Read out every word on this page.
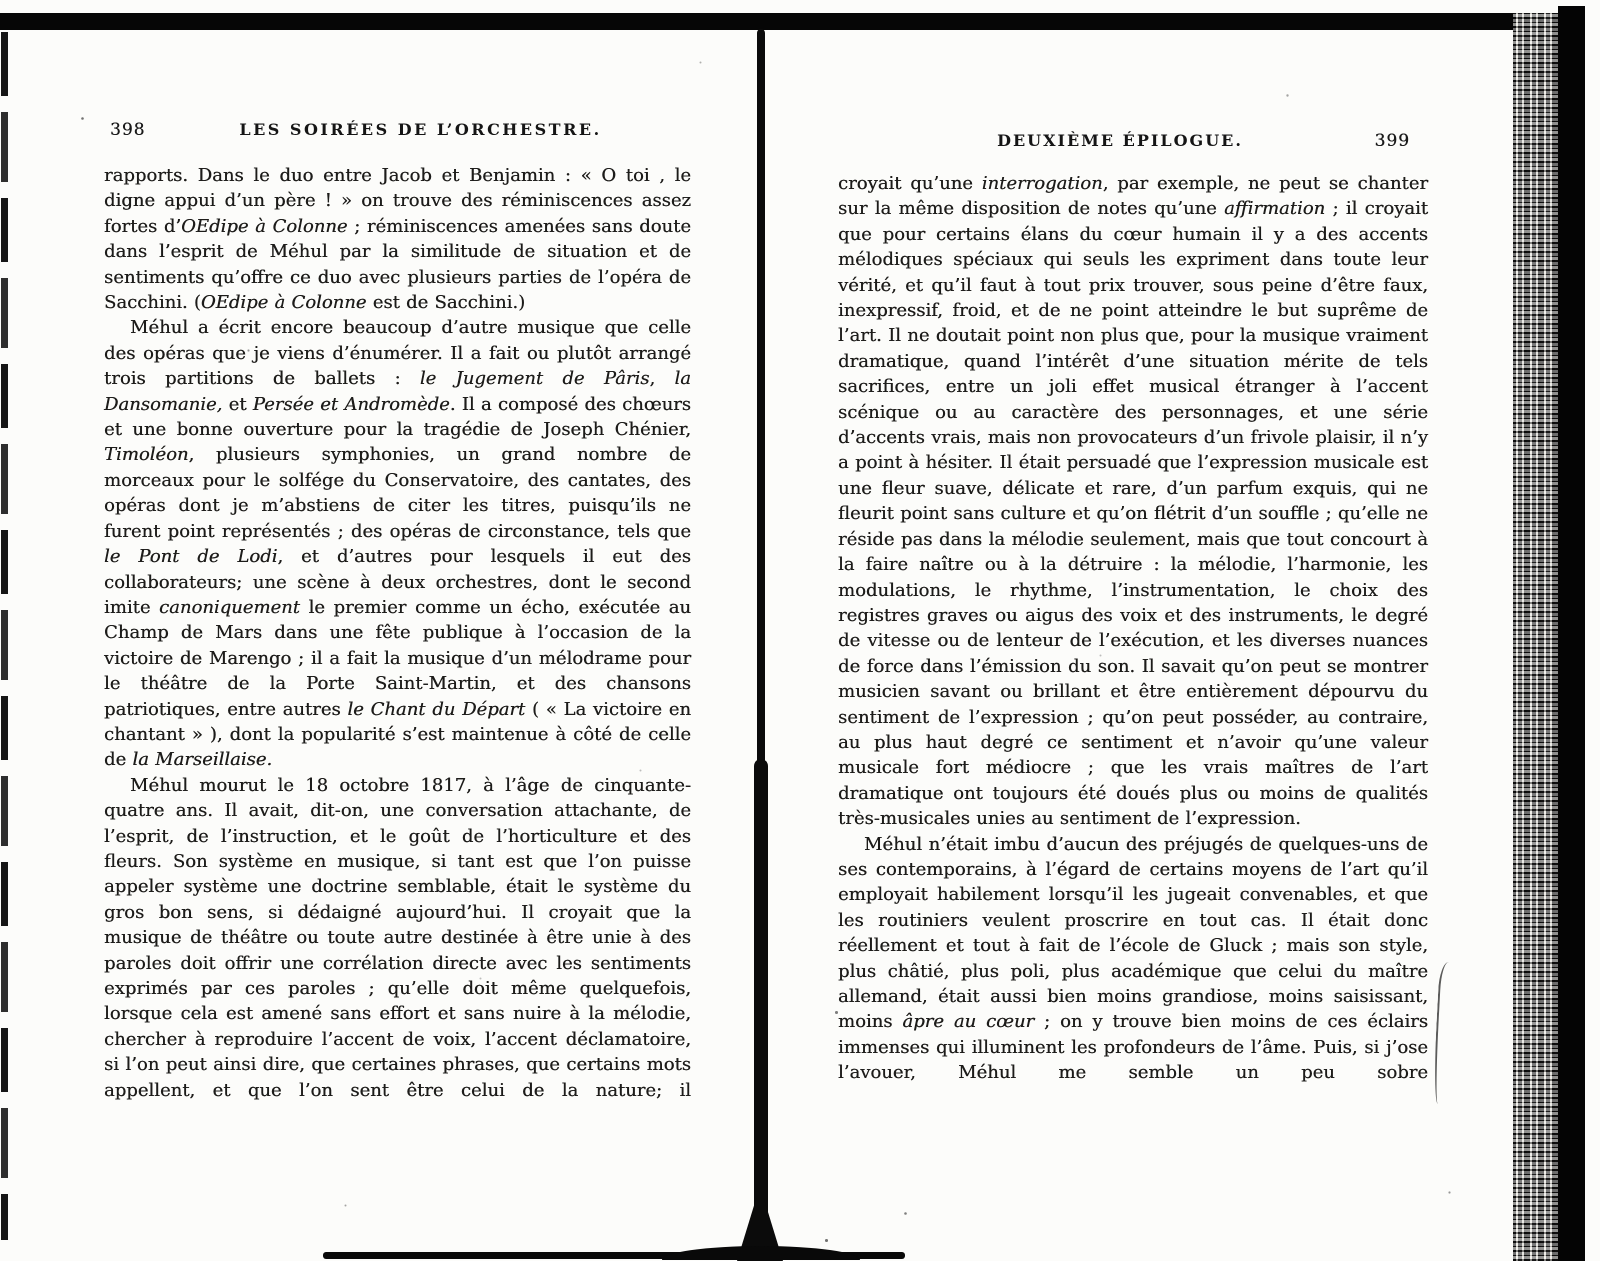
398	LES SOIRÉES DE L’ORCHESTRE.

rapports. Dans le duo entre Jacob et Benjamin : « O toi , le digne appui d’un père ! » on trouve des réminiscences assez fortes d’OEdipe à Colonne ; réminiscences amenées sans doute dans l’esprit de Méhul par la similitude de situation et de sentiments qu’offre ce duo avec plusieurs parties de l’opéra de Sacchini. (OEdipe à Colonne est de Sacchini.)

Méhul a écrit encore beaucoup d’autre musique que celle des opéras que je viens d’énumérer. Il a fait ou plutôt arrangé trois partitions de ballets : le Jugement de Pâris, la Dansomanie, et Persée et Andromède. Il a composé des chœurs et une bonne ouverture pour la tragédie de Joseph Chénier, Timoléon, plusieurs symphonies, un grand nombre de morceaux pour le solfége du Conservatoire, des cantates, des opéras dont je m’abstiens de citer les titres, puisqu’ils ne furent point représentés ; des opéras de circonstance, tels que le Pont de Lodi, et d’autres pour lesquels il eut des collaborateurs; une scène à deux orchestres, dont le second imite canoniquement le premier comme un écho, exécutée au Champ de Mars dans une fête publique à l’occasion de la victoire de Marengo ; il a fait la musique d’un mélodrame pour le théâtre de la Porte Saint-Martin, et des chansons patriotiques, entre autres le Chant du Départ ( « La victoire en chantant » ), dont la popularité s’est maintenue à côté de celle de la Marseillaise.

Méhul mourut le 18 octobre 1817, à l’âge de cinquante-quatre ans. Il avait, dit-on, une conversation attachante, de l’esprit, de l’instruction, et le goût de l’horticulture et des fleurs. Son système en musique, si tant est que l’on puisse appeler système une doctrine semblable, était le système du gros bon sens, si dédaigné aujourd’hui. Il croyait que la musique de théâtre ou toute autre destinée à être unie à des paroles doit offrir une corrélation directe avec les sentiments exprimés par ces paroles ; qu’elle doit même quelquefois, lorsque cela est amené sans effort et sans nuire à la mélodie, chercher à reproduire l’accent de voix, l’accent déclamatoire, si l’on peut ainsi dire, que certaines phrases, que certains mots appellent, et que l’on sent être celui de la nature; il

DEUXIÈME ÉPILOGUE.	399

croyait qu’une interrogation, par exemple, ne peut se chanter sur la même disposition de notes qu’une affirmation ; il croyait que pour certains élans du cœur humain il y a des accents mélodiques spéciaux qui seuls les expriment dans toute leur vérité, et qu’il faut à tout prix trouver, sous peine d’être faux, inexpressif, froid, et de ne point atteindre le but suprême de l’art. Il ne doutait point non plus que, pour la musique vraiment dramatique, quand l’intérêt d’une situation mérite de tels sacrifices, entre un joli effet musical étranger à l’accent scénique ou au caractère des personnages, et une série d’accents vrais, mais non provocateurs d’un frivole plaisir, il n’y a point à hésiter. Il était persuadé que l’expression musicale est une fleur suave, délicate et rare, d’un parfum exquis, qui ne fleurit point sans culture et qu’on flétrit d’un souffle ; qu’elle ne réside pas dans la mélodie seulement, mais que tout concourt à la faire naître ou à la détruire : la mélodie, l’harmonie, les modulations, le rhythme, l’instrumentation, le choix des registres graves ou aigus des voix et des instruments, le degré de vitesse ou de lenteur de l’exécution, et les diverses nuances de force dans l’émission du son. Il savait qu’on peut se montrer musicien savant ou brillant et être entièrement dépourvu du sentiment de l’expression ; qu’on peut posséder, au contraire, au plus haut degré ce sentiment et n’avoir qu’une valeur musicale fort médiocre ; que les vrais maîtres de l’art dramatique ont toujours été doués plus ou moins de qualités très-musicales unies au sentiment de l’expression.

Méhul n’était imbu d’aucun des préjugés de quelques-uns de ses contemporains, à l’égard de certains moyens de l’art qu’il employait habilement lorsqu’il les jugeait convenables, et que les routiniers veulent proscrire en tout cas. Il était donc réellement et tout à fait de l’école de Gluck ; mais son style, plus châtié, plus poli, plus académique que celui du maître allemand, était aussi bien moins grandiose, moins saisissant, moins âpre au cœur ; on y trouve bien moins de ces éclairs immenses qui illuminent les profondeurs de l’âme. Puis, si j’ose l’avouer, Méhul me semble un peu sobre
